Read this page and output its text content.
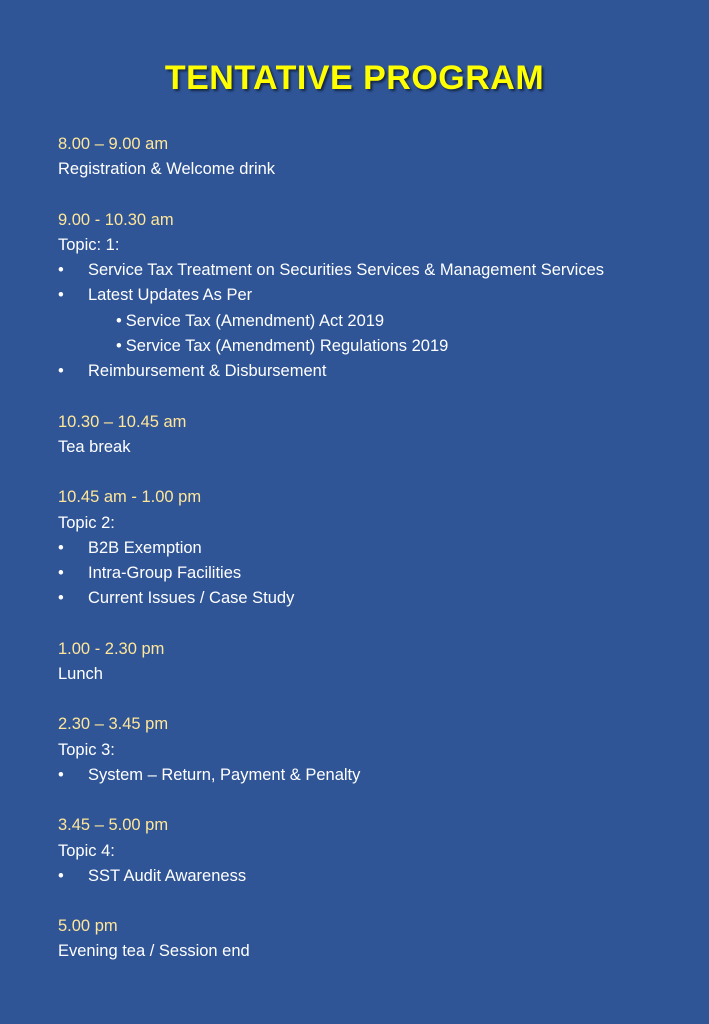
TENTATIVE PROGRAM
8.00 – 9.00 am
Registration & Welcome drink
9.00 - 10.30 am
Topic: 1:
•	Service Tax Treatment on Securities Services & Management Services
•	Latest Updates As Per
• Service Tax (Amendment) Act 2019
• Service Tax (Amendment) Regulations 2019
•	Reimbursement & Disbursement
10.30 – 10.45 am
Tea break
10.45 am - 1.00 pm
Topic 2:
•	B2B Exemption
•	Intra-Group Facilities
•	Current Issues / Case Study
1.00 - 2.30 pm
Lunch
2.30 – 3.45 pm
Topic 3:
•	System – Return, Payment & Penalty
3.45 – 5.00 pm
Topic 4:
•	SST Audit Awareness
5.00 pm
Evening tea / Session end
